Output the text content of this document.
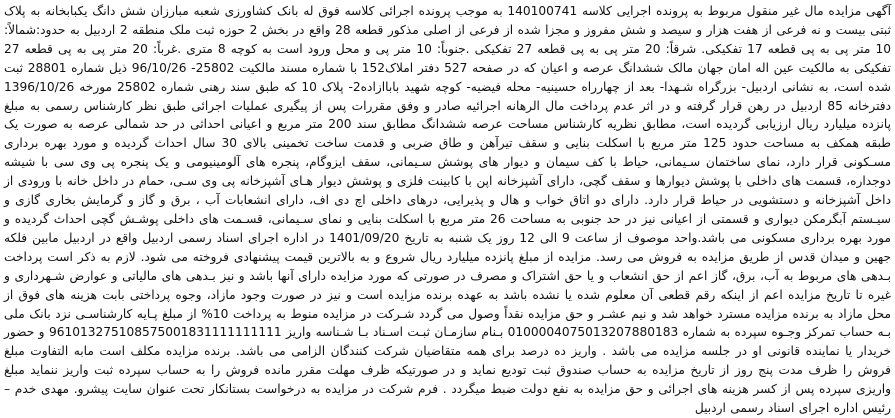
آگهی مزایده مال غیر منقول مربوط به پرونده اجرایی کلاسه 140100741 به موجب پرونده اجرائی کلاسه فوق له بانک کشاورزی شعبه مبارزان شش دانگ یکبابخانه به پلاک ثبتی بیست و نه فرعی از هفت هزار و سیصد و شش مفروز و مجزا شده از فرعی از اصلی مذکور قطعه 28 واقع در بخش 2 حوزه ثبت ملک منطقه 2 اردبیل به حدود:شمالاً: 10 متر پی به پی قطعه 17 تفکیکی. شرقاً: 20 متر پی به پی قطعه 27 تفکیکی .جنوباً: 10 متر پی و محل ورود است به کوچه 8 متری .غرباً: 20 متر پی به پی قطعه 27 تفکیکی به مالکیت عین اله امان جهان مالک ششدانگ عرصه و اعیان که در صفحه 527 دفتر املاک152 با شماره مسند مالکیت 25802- 96/10/26 ذیل شماره 28801 ثبت شده است، به نشانی اردبیل- بزرگراه شـهدا- بعد از چهارراه حسینیه- محله فیضیه- کوچه شهید باباازاده2- پلاک 10 که طبق سند رهنی شماره 25802 مورخه 1396/10/26 دفترخانه 85 اردبیل در رهن قرار گرفته و در اثر عدم پرداخت مال الرهانه اجرائیه صادر و وفق مقررات پس از پیگیری عملیات اجرائی طبق نظر کارشناس رسمی به مبلغ پانزده میلیارد ریال ارزیابی گردیده است، مطابق نظریه کارشناس مساحت عرصه ششدانگ مطابق سند 200 متر مربع و اعیانی احداثی در حد شمالی عرصه به صورت یک طبقه همکف به مساحت حدود 125 متر مربع با اسکلت بنایی و سقف تیرآهن و طاق ضربی و قدمت ساخت تخمینی بالای 30 سال احداث گردیده و مورد بهره برداری مسـکونی قرار دارد، نمای ساختمان سـیمانی، حیاط با کف سیمان و دیوار های پوشش سـیمانی، سقف ایزوگام، پنجره های آلومینیومی و یک پنجره پی وی سی با شیشه دوجداره، قسمت های داخلی با پوشش دیوارها و سقف گچی، دارای آشپزخانه اپن با کابینت فلزی و پوشش دیوار هـای آشپزخانه پی وی سـی، حمام در داخل خانه با ورودی از داخل آشپزخانه و دستشویی در حیاط قرار دارد. دارای دو اتاق خواب و هال و پذیرایی، درهای داخلی اچ دی اف، دارای انشعابات آب ، برق و گاز و گرمایش بخاری گازی و سیـستم آبگرمکن دیواری و قسمتی از اعیانی نیز در حد جنوبی به مساحت 26 متر مربع با اسکلت بنایی و نمای سـیمانی، قسـمت های داخلی پوشـش گچی احداث گردیده و مورد بهره برداری مسکونی می باشد.واحد موصوف از ساعت 9 الی 12 روز یک شنبه به تاریخ 1401/09/20 در اداره اجرای اسناد رسمی اردبیل واقع در اردبیل مابین فلکه جهین و میدان قدس از طریق مزایده به فروش می رسد. مزایده از مبلغ پانزده میلیارد ریال شروع و به بالاترین قیمت پیشنهادی فروخته می شود. لازم به ذکر است پرداخت بـدهی های مربوط به آب، برق، گاز اعم از حق انشعاب و یا حق اشتراک و مصرف در صورتی که مورد مزایده دارای آنها باشد و نیز بـدهی های مالیاتی و عوارض شـهرداری و غیره تا تاریخ مزایده اعم از اینکه رقم قطعی آن معلوم شده یا نشده باشد به عهده برنده مزایده است و نیز در صورت وجود مازاد، وجوه پرداختی بابت هزینه های فوق از محل مازاد به برنده مزایده مسترد خواهد شد و نیم عشـر و حق مزایده نقداً وصول می گردد شـرکت در مزایده منوط به پرداخت 10% از مبلغ پـایه کارشناسـی نزد بانک ملی بـه حساب تمرکز وجـوه سپرده به شماره 0100004075013207880183 بـنام سازمـان ثبـت اسـناد بـا شـناسه واریز 961013275108575001831111111111 و حضور خریدار یا نماینده قانونی او در جلسه مزایده می باشد . واریز ده درصد برای همه متقاضیان شرکت کنندگان الزامی می باشد. برنده مزایده مکلف است مابه التفاوت مبلغ فروش را ظرف مدت پنج روز از تاریخ مزایده به حساب صندوق ثبت تودیع نماید و در صورتیکه ظرف مهلت مقرر مانده فروش را به حساب سپرده ثبت واریز ننماید مبلغ واریزی سپرده پس از کسر هزینه های اجرائی و حق مزایده به نفع دولت ضبط میگردد . فرم شرکت در مزایده به درخواست بستانکار تحت عنوان سایت پیشرو. مهدی خدم – رئیس اداره اجرای اسناد رسمی اردبیل
